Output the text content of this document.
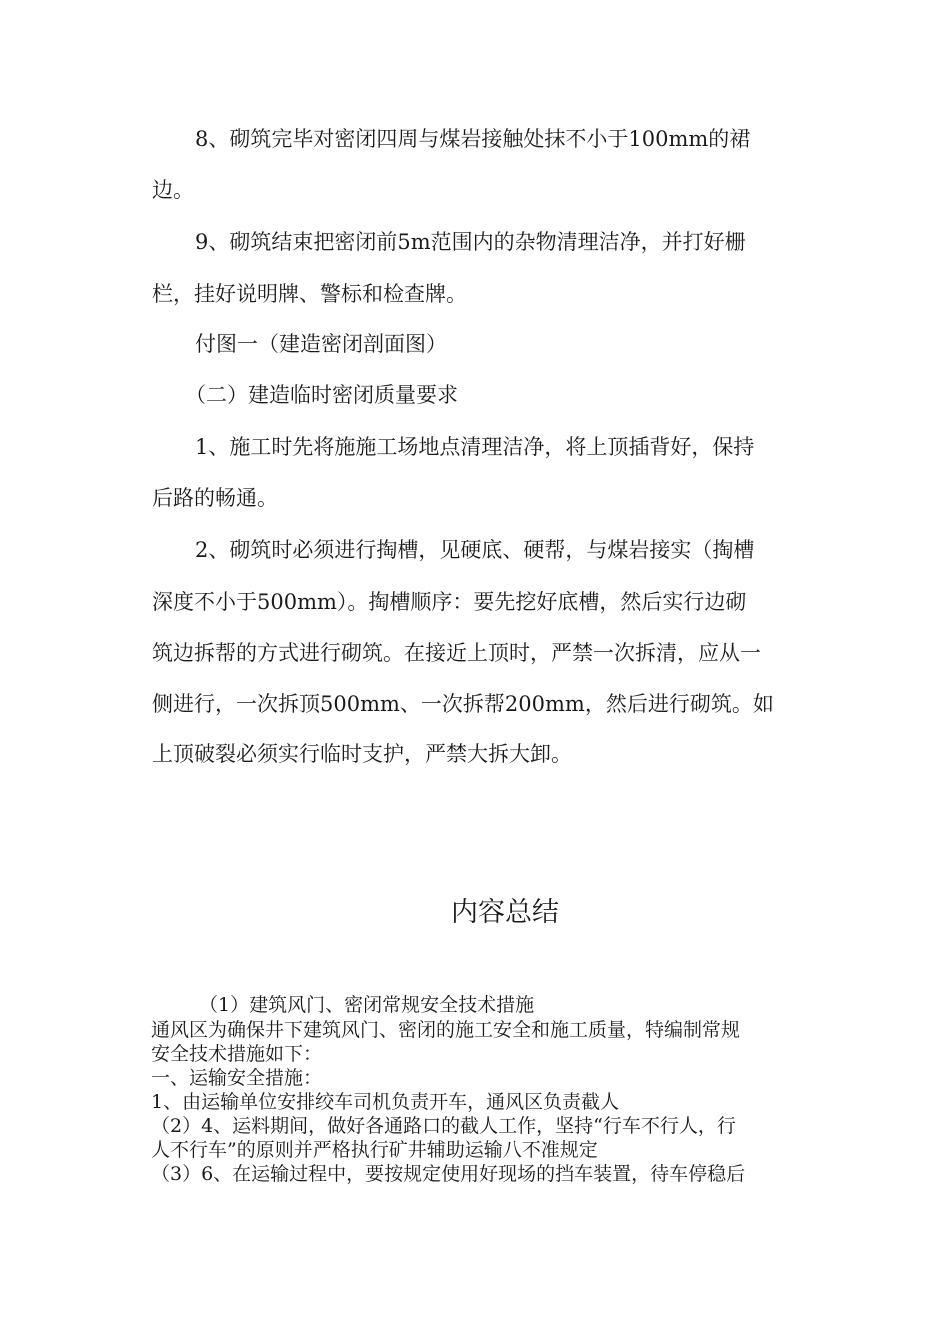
8、砌筑完毕对密闭四周与煤岩接触处抹不小于100mm的裙
边。
9、砌筑结束把密闭前5m范围内的杂物清理洁净，并打好栅
栏，挂好说明牌、警标和检查牌。
付图一（建造密闭剖面图）
（二）建造临时密闭质量要求
1、施工时先将施施工场地点清理洁净，将上顶插背好，保持
后路的畅通。
2、砌筑时必须进行掏槽，见硬底、硬帮，与煤岩接实（掏槽
深度不小于500mm）。掏槽顺序：要先挖好底槽，然后实行边砌
筑边拆帮的方式进行砌筑。在接近上顶时，严禁一次拆清，应从一
侧进行，一次拆顶500mm、一次拆帮200mm，然后进行砌筑。如
上顶破裂必须实行临时支护，严禁大拆大卸。
内容总结
（1）建筑风门、密闭常规安全技术措施
通风区为确保井下建筑风门、密闭的施工安全和施工质量，特编制常规
安全技术措施如下：
一、运输安全措施：
1、由运输单位安排绞车司机负责开车，通风区负责截人
（2）4、运料期间，做好各通路口的截人工作，坚持“行车不行人，行
人不行车”的原则并严格执行矿井辅助运输八不准规定
（3）6、在运输过程中，要按规定使用好现场的挡车装置，待车停稳后
